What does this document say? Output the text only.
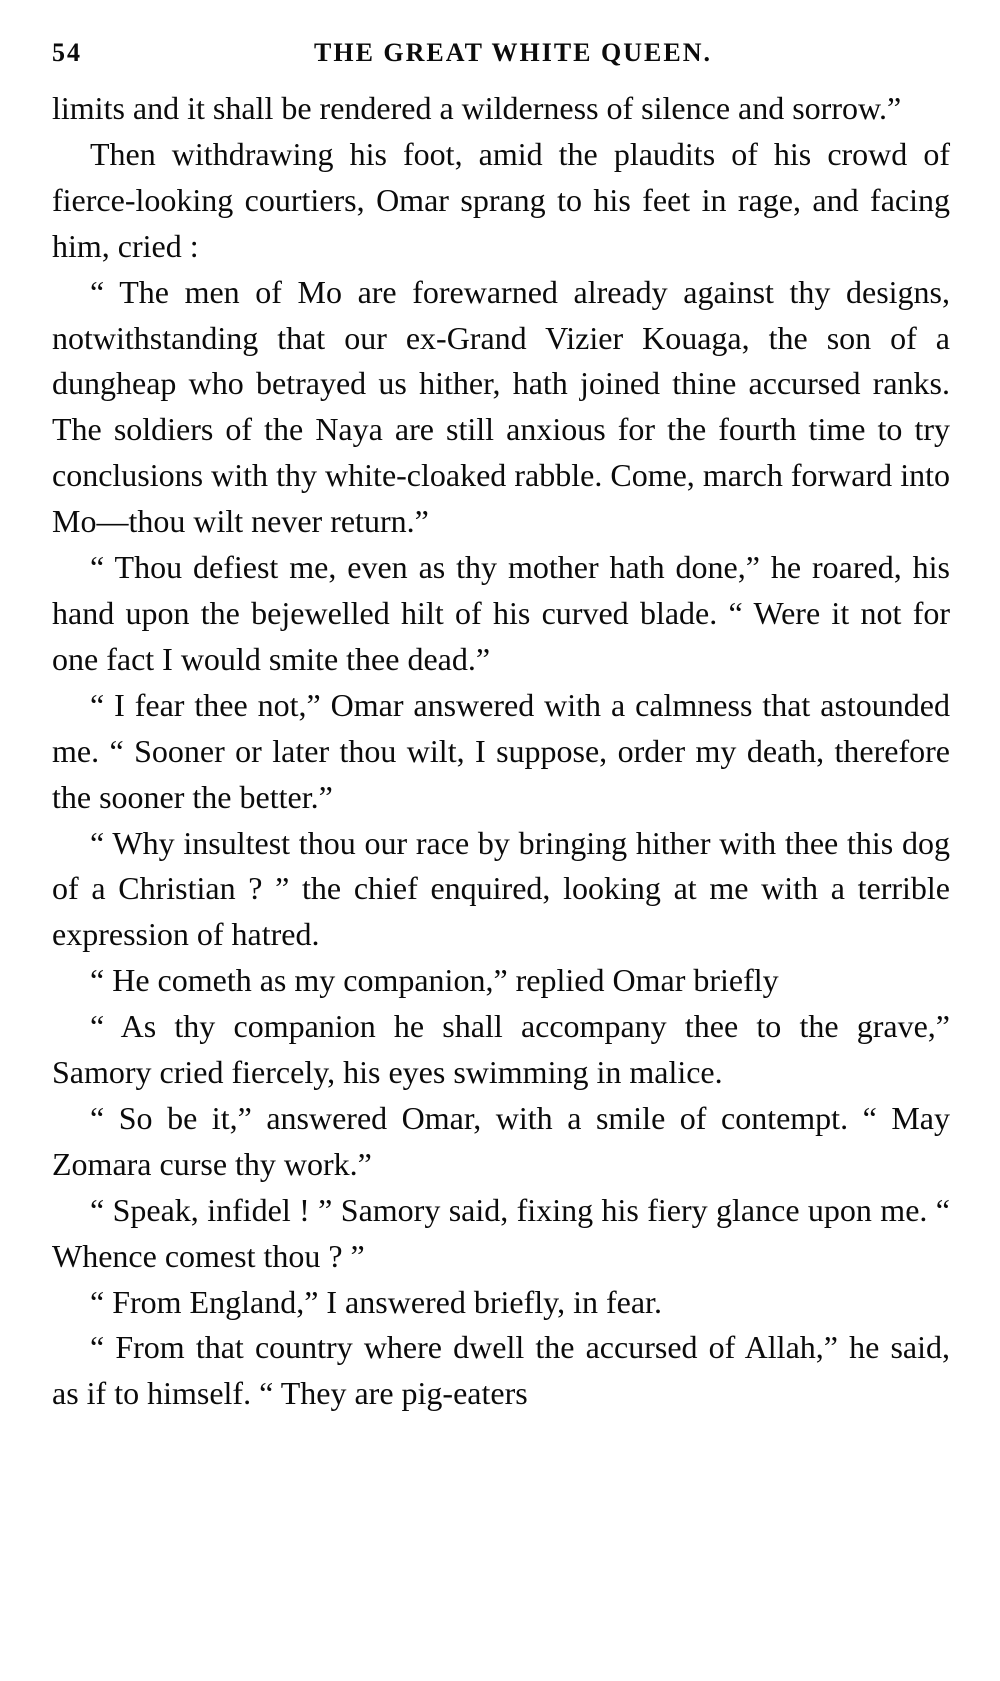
54	THE GREAT WHITE QUEEN.

limits and it shall be rendered a wilderness of silence and sorrow.”

Then withdrawing his foot, amid the plaudits of his crowd of fierce-looking courtiers, Omar sprang to his feet in rage, and facing him, cried :

“ The men of Mo are forewarned already against thy designs, notwithstanding that our ex-Grand Vizier Kouaga, the son of a dungheap who betrayed us hither, hath joined thine accursed ranks. The soldiers of the Naya are still anxious for the fourth time to try conclusions with thy white-cloaked rabble. Come, march forward into Mo—thou wilt never return.”

“ Thou defiest me, even as thy mother hath done,” he roared, his hand upon the bejewelled hilt of his curved blade. “ Were it not for one fact I would smite thee dead.”

“ I fear thee not,” Omar answered with a calmness that astounded me. “ Sooner or later thou wilt, I suppose, order my death, therefore the sooner the better.”

“ Why insultest thou our race by bringing hither with thee this dog of a Christian ? ” the chief enquired, looking at me with a terrible expression of hatred.

“ He cometh as my companion,” replied Omar briefly

“ As thy companion he shall accompany thee to the grave,” Samory cried fiercely, his eyes swimming in malice.

“ So be it,” answered Omar, with a smile of contempt. “ May Zomara curse thy work.”

“ Speak, infidel ! ” Samory said, fixing his fiery glance upon me. “ Whence comest thou ? ”

“ From England,” I answered briefly, in fear.

“ From that country where dwell the accursed of Allah,” he said, as if to himself. “ They are pig-eaters
